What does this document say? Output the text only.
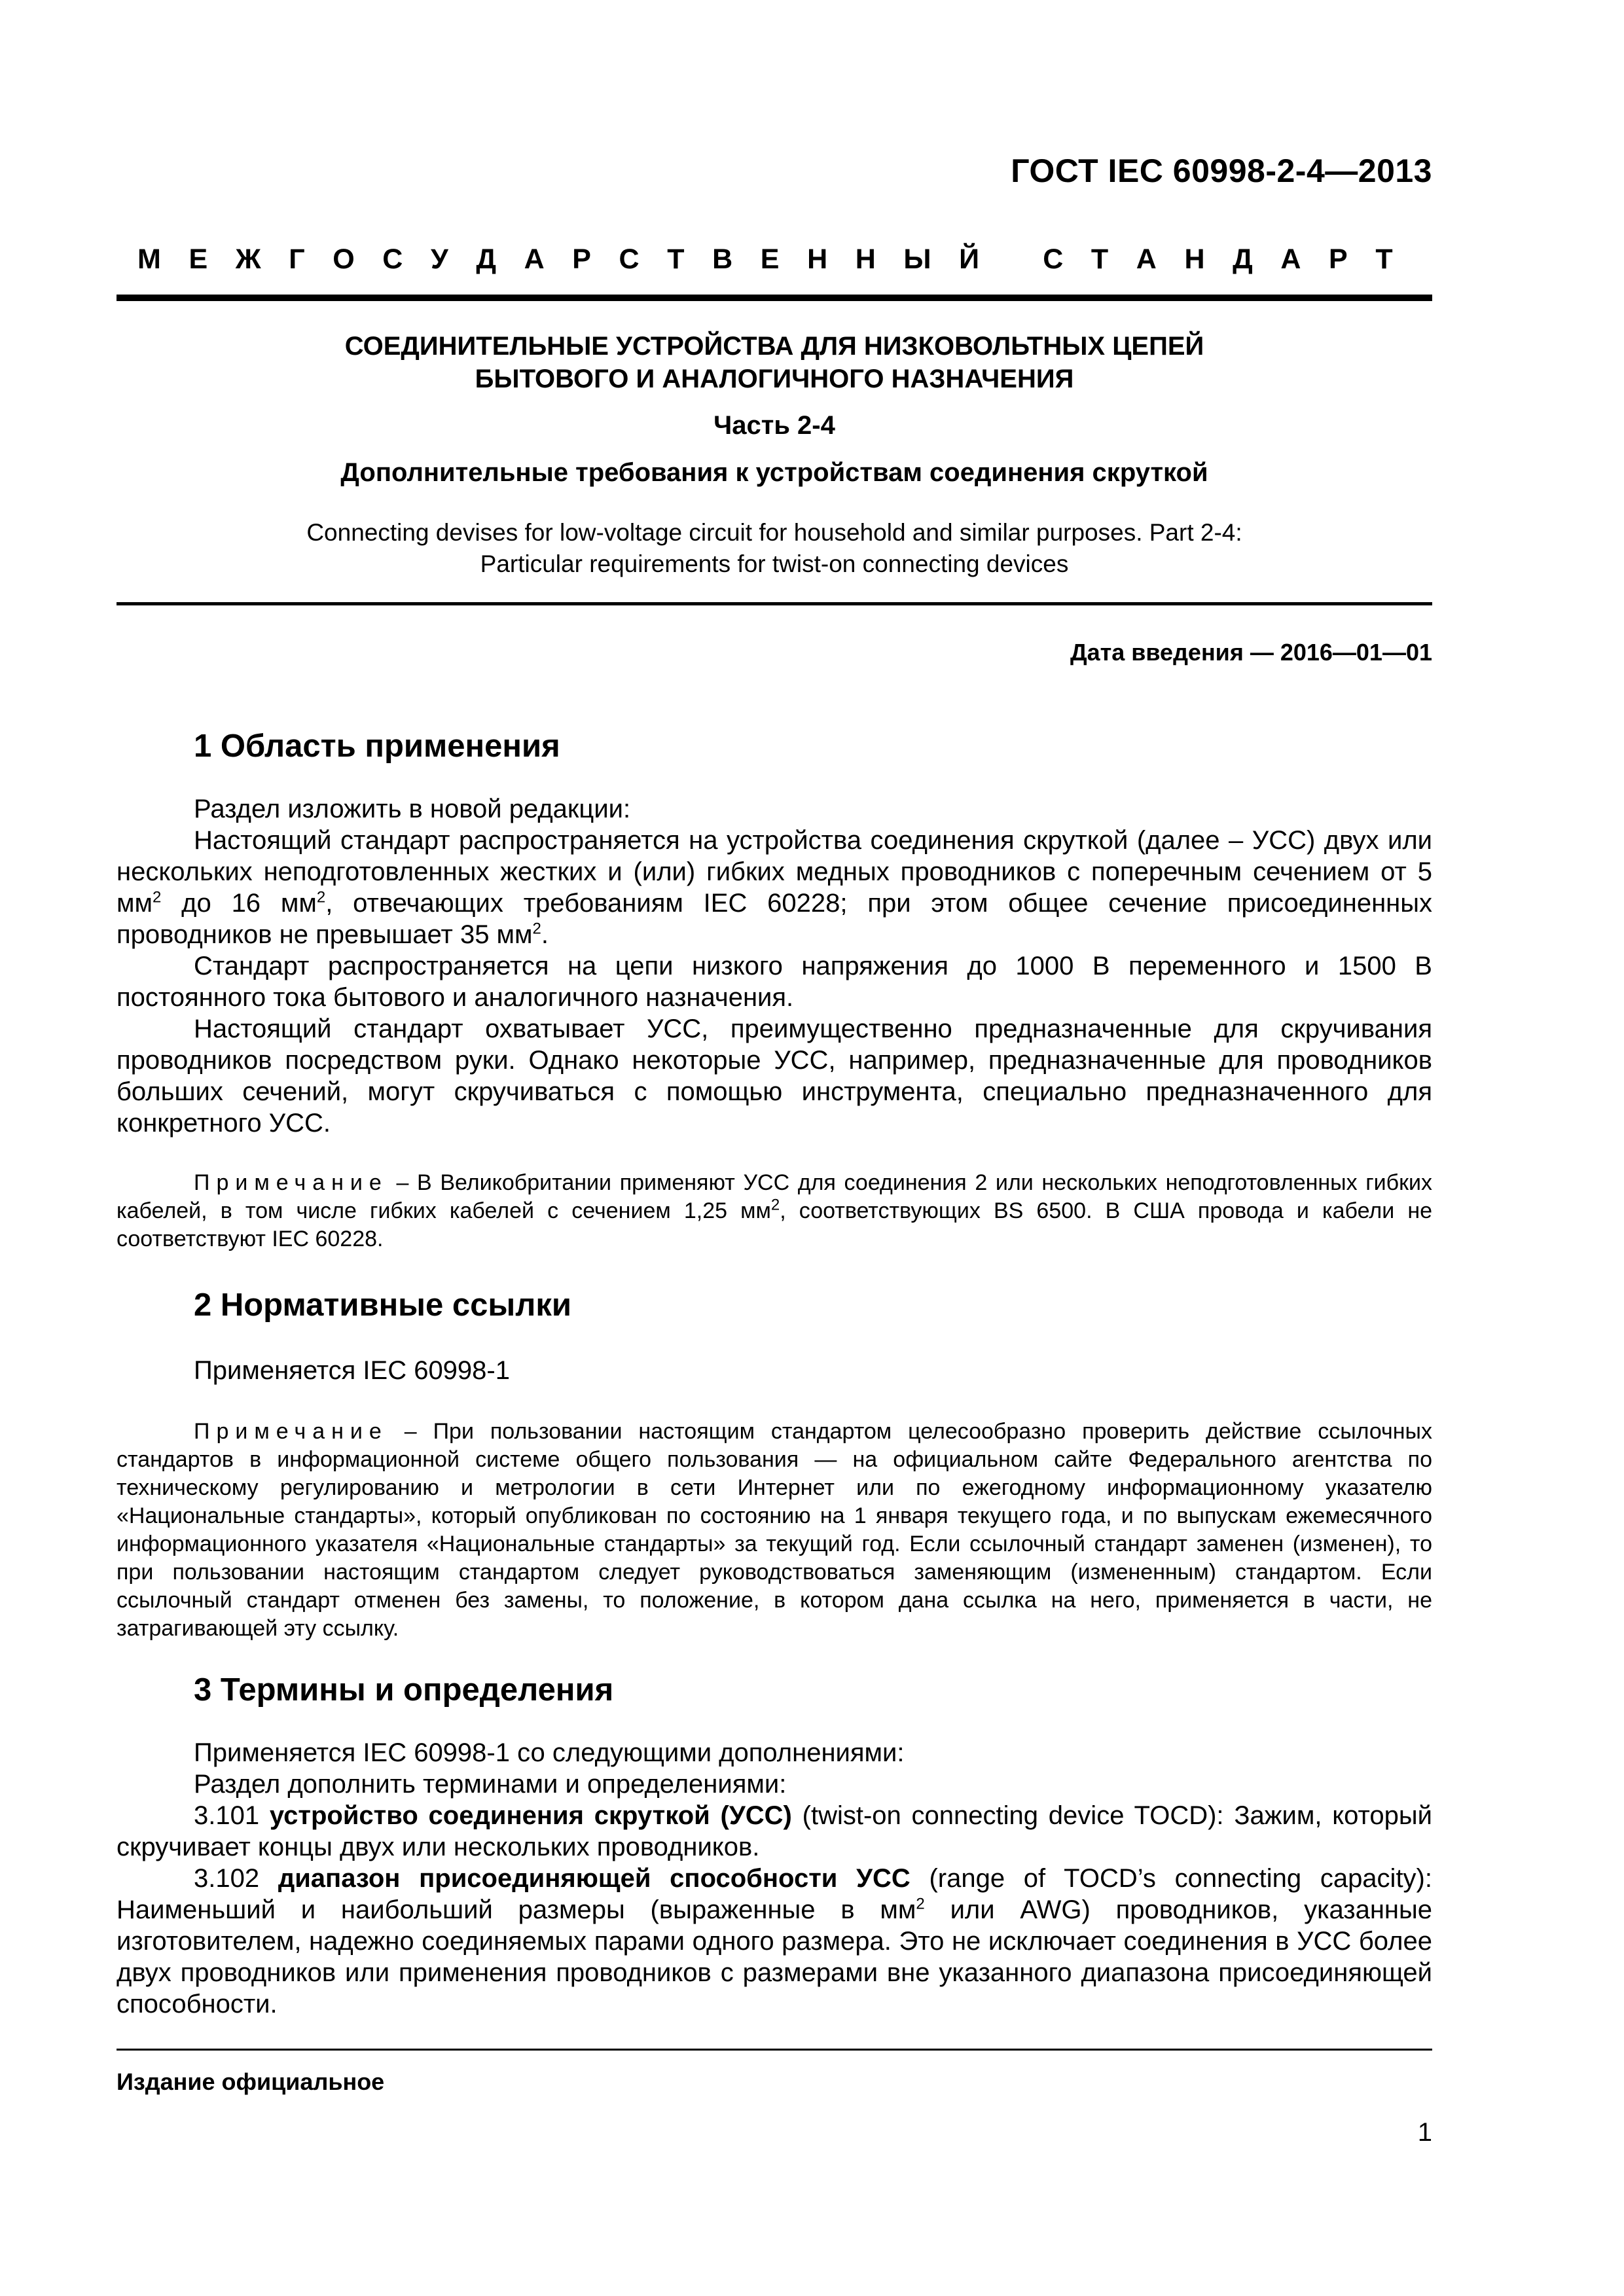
ГОСТ IEC 60998-2-4—2013
М Е Ж Г О С У Д А Р С Т В Е Н Н Ы Й
С Т А Н Д А Р Т
СОЕДИНИТЕЛЬНЫЕ УСТРОЙСТВА ДЛЯ НИЗКОВОЛЬТНЫХ ЦЕПЕЙ
БЫТОВОГО И АНАЛОГИЧНОГО НАЗНАЧЕНИЯ
Часть 2-4
Дополнительные требования к устройствам соединения скруткой
Connecting devises for low-voltage circuit for household and similar purposes. Part 2-4:
Particular requirements for twist-on connecting devices
Дата введения — 2016—01—01
1 Область применения
Раздел изложить в новой редакции:
Настоящий стандарт распространяется на устройства соединения скруткой (далее – УСС) двух или нескольких неподготовленных жестких и (или) гибких медных проводников с поперечным сечением от 5 $мм^2$ до 16 $мм^2$, отвечающих требованиям IEC 60228; при этом общее сечение присоединенных проводников не превышает 35 $мм^2$.
Стандарт распространяется на цепи низкого напряжения до 1000 В переменного и 1500 В постоянного тока бытового и аналогичного назначения.
Настоящий стандарт охватывает УСС, преимущественно предназначенные для скручивания проводников посредством руки. Однако некоторые УСС, например, предназначенные для проводников больших сечений, могут скручиваться с помощью инструмента, специально предназначенного для конкретного УСС.
Примечание – В Великобритании применяют УСС для соединения 2 или нескольких неподготовленных гибких кабелей, в том числе гибких кабелей с сечением 1,25 $мм^2$, соответствующих BS 6500. В США провода и кабели не соответствуют IEC 60228.
2 Нормативные ссылки
Применяется IEC 60998-1
Примечание – При пользовании настоящим стандартом целесообразно проверить действие ссылочных стандартов в информационной системе общего пользования — на официальном сайте Федерального агентства по техническому регулированию и метрологии в сети Интернет или по ежегодному информационному указателю «Национальные стандарты», который опубликован по состоянию на 1 января текущего года, и по выпускам ежемесячного информационного указателя «Национальные стандарты» за текущий год. Если ссылочный стандарт заменен (изменен), то при пользовании настоящим стандартом следует руководствоваться заменяющим (измененным) стандартом. Если ссылочный стандарт отменен без замены, то положение, в котором дана ссылка на него, применяется в части, не затрагивающей эту ссылку.
3 Термины и определения
Применяется IEC 60998-1 со следующими дополнениями:
Раздел дополнить терминами и определениями:
3.101 устройство соединения скруткой (УСС) (twist-on connecting device TOCD): Зажим, который скручивает концы двух или нескольких проводников.
3.102 диапазон присоединяющей способности УСС (range of TOCD’s connecting capacity): Наименьший и наибольший размеры (выраженные в $мм^2$ или AWG) проводников, указанные изготовителем, надежно соединяемых парами одного размера. Это не исключает соединения в УСС более двух проводников или применения проводников с размерами вне указанного диапазона присоединяющей способности.
Издание официальное
1
